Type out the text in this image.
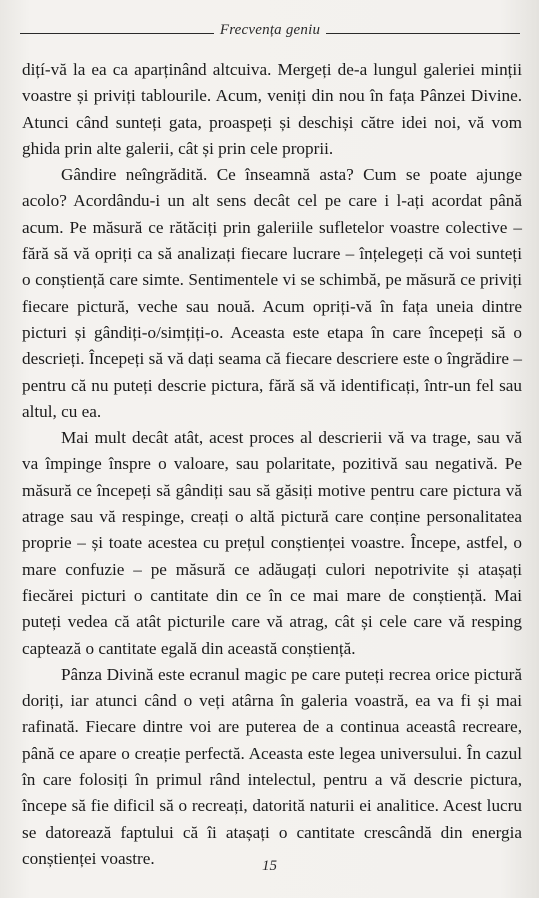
Frecvența geniu

dițí-vă la ea ca aparținând altcuiva. Mergeți de-a lungul galeriei minții voastre și priviți tablourile. Acum, veniți din nou în fața Pânzei Divine. Atunci când sunteți gata, proaspeți și deschiși către idei noi, vă vom ghida prin alte galerii, cât și prin cele proprii.

Gândire neîngrădită. Ce înseamnă asta? Cum se poate ajunge acolo? Acordându-i un alt sens decât cel pe care i l-ați acordat până acum. Pe măsură ce rătăciți prin galeriile sufletelor voastre colective – fără să vă opriți ca să analizați fiecare lucrare – înțelegeți că voi sunteți o conștiență care simte. Sentimentele vi se schimbă, pe măsură ce priviți fiecare pictură, veche sau nouă. Acum opriți-vă în fața uneia dintre picturi și gândiți-o/simțiți-o. Aceasta este etapa în care începeți să o descrieți. Începeți să vă dați seama că fiecare descriere este o îngrădire – pentru că nu puteți descrie pictura, fără să vă identificați, într-un fel sau altul, cu ea.

Mai mult decât atât, acest proces al descrierii vă va trage, sau vă va împinge înspre o valoare, sau polaritate, pozitivă sau negativă. Pe măsură ce începeți să gândiți sau să găsiți motive pentru care pictura vă atrage sau vă respinge, creați o altă pictură care conține personalitatea proprie – și toate acestea cu prețul conștienței voastre. Începe, astfel, o mare confuzie – pe măsură ce adăugați culori nepotrivite și atașați fiecărei picturi o cantitate din ce în ce mai mare de conștiență. Mai puteți vedea că atât picturile care vă atrag, cât și cele care vă resping captează o cantitate egală din această conștiență.

Pânza Divină este ecranul magic pe care puteți recrea orice pictură doriți, iar atunci când o veți atârna în galeria voastră, ea va fi și mai rafinată. Fiecare dintre voi are puterea de a continua aceastâ recreare, până ce apare o creație perfectă. Aceasta este legea universului. În cazul în care folosiți în primul rând intelectul, pentru a vă descrie pictura, începe să fie dificil să o recreați, datorită naturii ei analitice. Acest lucru se datorează faptului că îi atașați o cantitate crescândă din energia conștienței voastre.	15
